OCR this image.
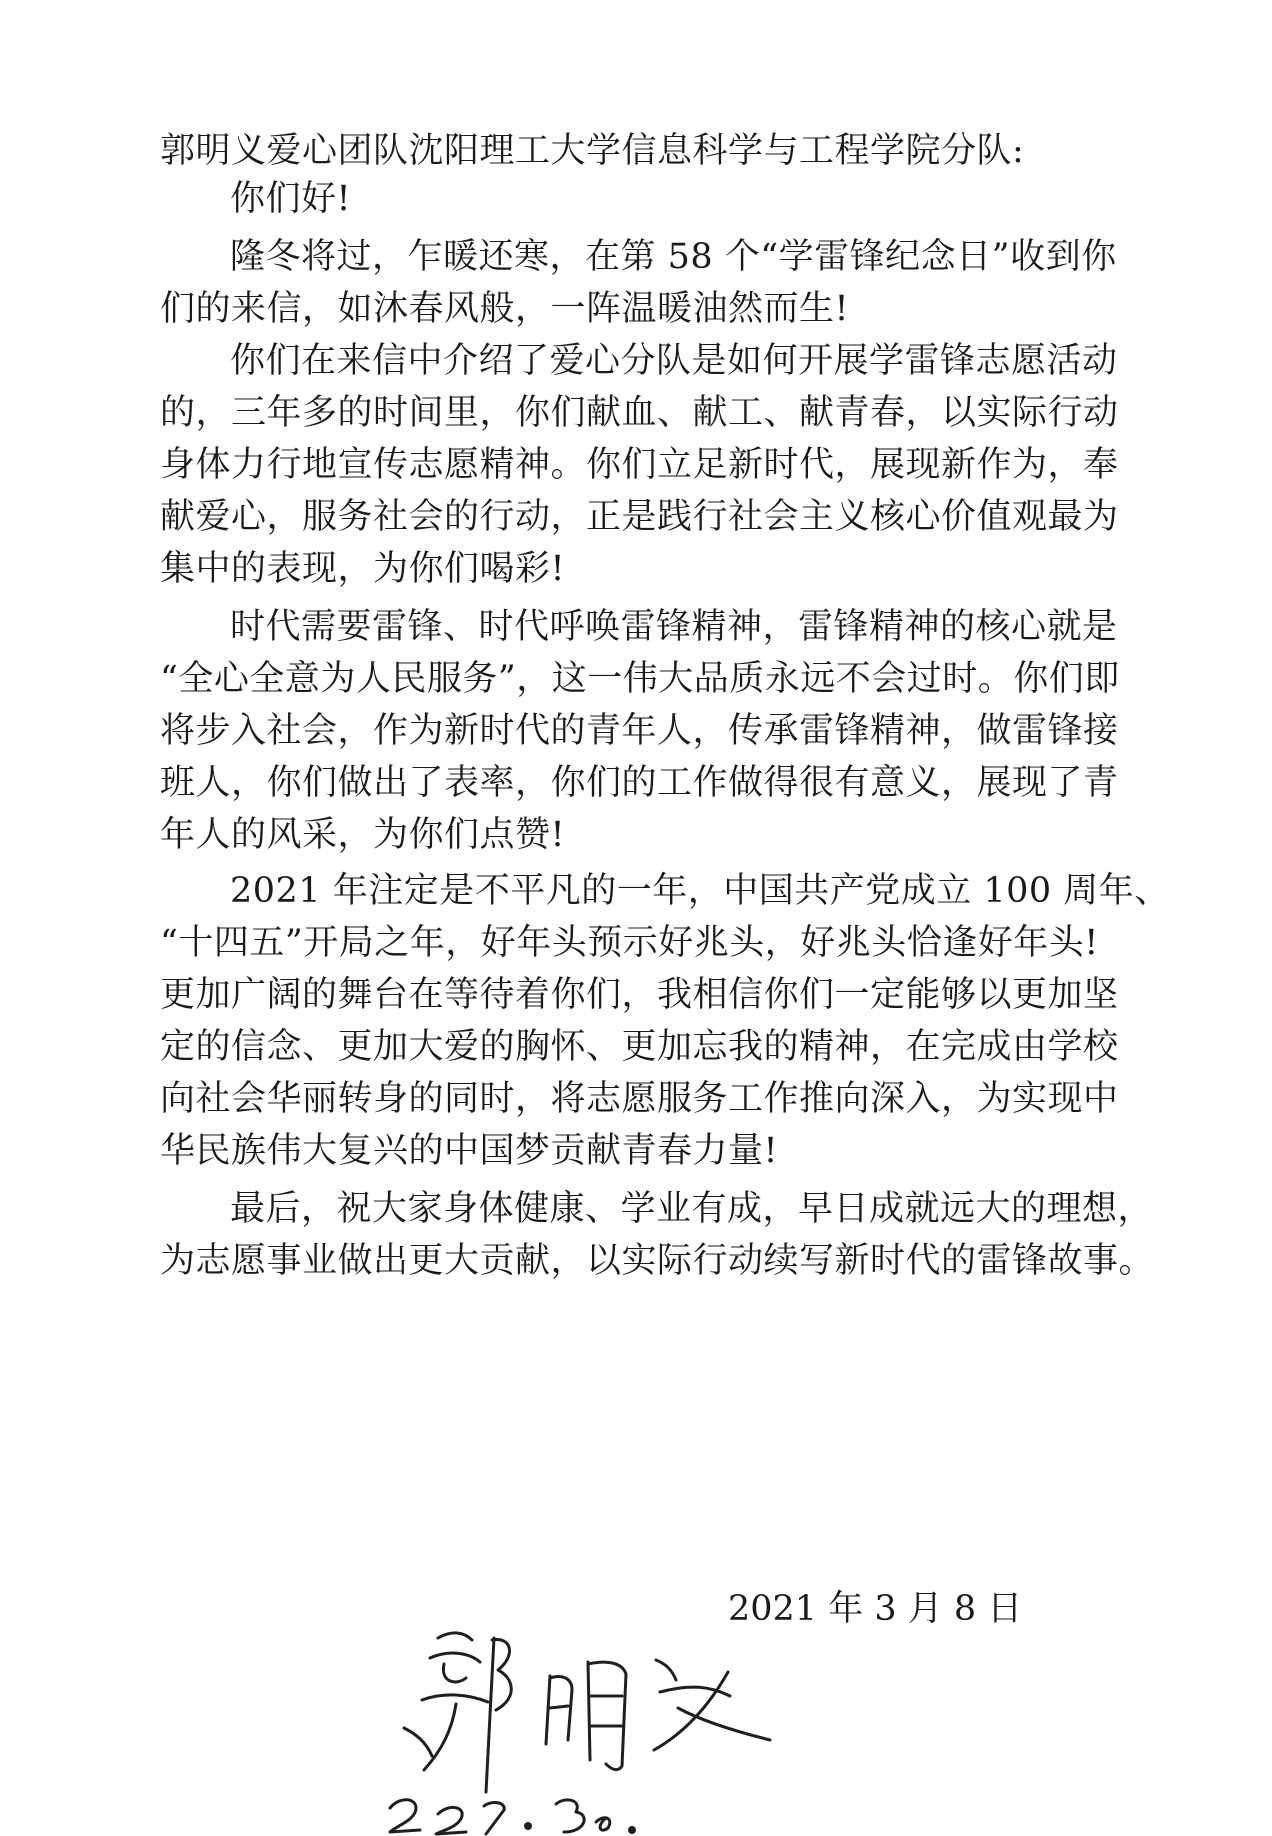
郭明义爱心团队沈阳理工大学信息科学与工程学院分队:
你们好!
隆冬将过，乍暖还寒，在第 58 个“学雷锋纪念日”收到你
们的来信，如沐春风般，一阵温暖油然而生!
你们在来信中介绍了爱心分队是如何开展学雷锋志愿活动
的，三年多的时间里，你们献血、献工、献青春，以实际行动
身体力行地宣传志愿精神。你们立足新时代，展现新作为，奉
献爱心，服务社会的行动，正是践行社会主义核心价值观最为
集中的表现，为你们喝彩!
时代需要雷锋、时代呼唤雷锋精神，雷锋精神的核心就是
“全心全意为人民服务”，这一伟大品质永远不会过时。你们即
将步入社会，作为新时代的青年人，传承雷锋精神，做雷锋接
班人，你们做出了表率，你们的工作做得很有意义，展现了青
年人的风采，为你们点赞!
2021 年注定是不平凡的一年，中国共产党成立 100 周年、
“十四五”开局之年，好年头预示好兆头，好兆头恰逢好年头!
更加广阔的舞台在等待着你们，我相信你们一定能够以更加坚
定的信念、更加大爱的胸怀、更加忘我的精神，在完成由学校
向社会华丽转身的同时，将志愿服务工作推向深入，为实现中
华民族伟大复兴的中国梦贡献青春力量!
最后，祝大家身体健康、学业有成，早日成就远大的理想，
为志愿事业做出更大贡献，以实际行动续写新时代的雷锋故事。
2021 年 3 月 8 日
